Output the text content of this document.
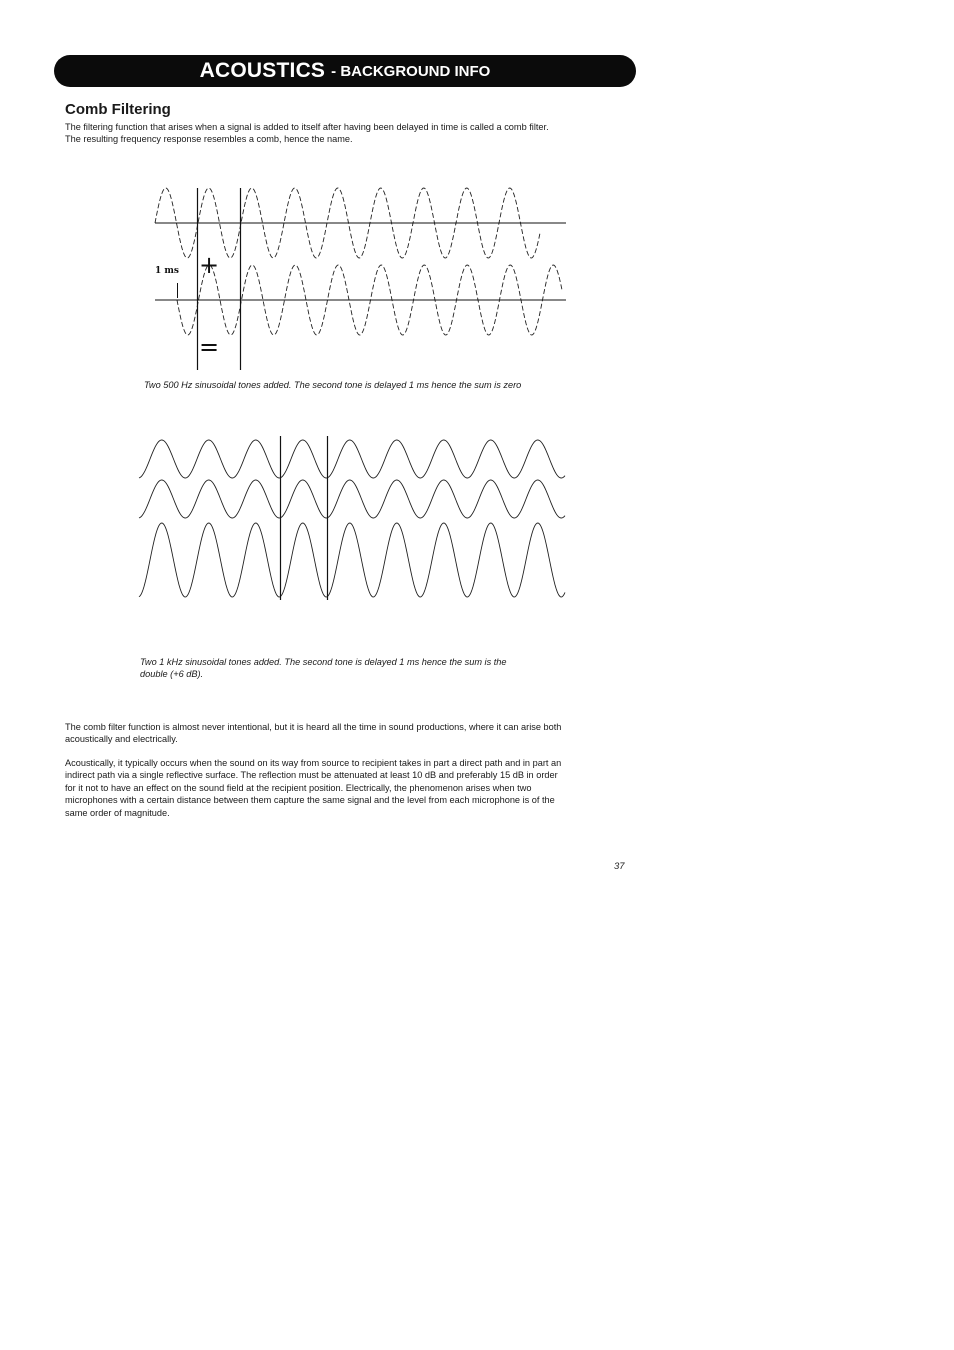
ACOUSTICS - BACKGROUND INFO
Comb Filtering

The filtering function that arises when a signal is added to itself after having been delayed in time is called a comb filter.
The resulting frequency response resembles a comb, hence the name.

1 ms +
=

Two 500 Hz sinusoidal tones added. The second tone is delayed 1 ms hence the sum is zero

Two 1 kHz sinusoidal tones added. The second tone is delayed 1 ms hence the sum is the
double (+6 dB).

The comb filter function is almost never intentional, but it is heard all the time in sound productions, where it can arise both
acoustically and electrically.

Acoustically, it typically occurs when the sound on its way from source to recipient takes in part a direct path and in part an
indirect path via a single reflective surface. The reflection must be attenuated at least 10 dB and preferably 15 dB in order
for it not to have an effect on the sound field at the recipient position. Electrically, the phenomenon arises when two
microphones with a certain distance between them capture the same signal and the level from each microphone is of the
same order of magnitude.

37
